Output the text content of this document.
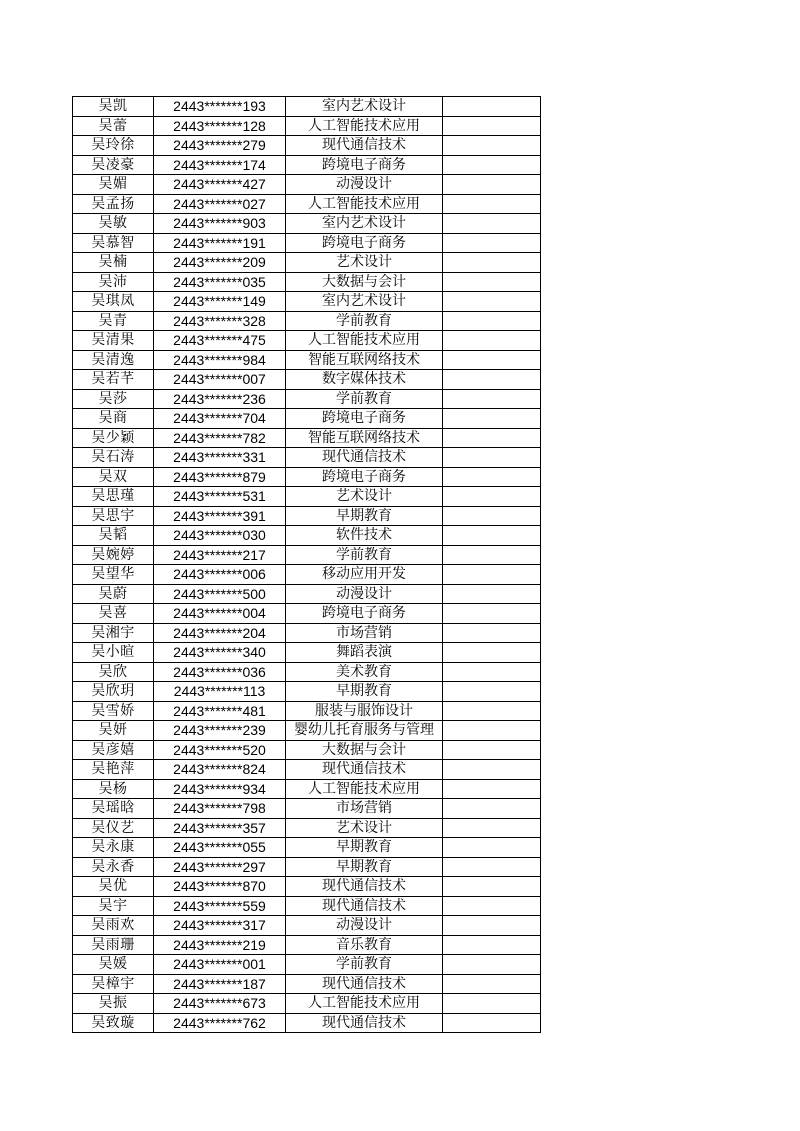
吴凯	2443*******193	室内艺术设计	
吴蕾	2443*******128	人工智能技术应用	
吴玲徐	2443*******279	现代通信技术	
吴凌豪	2443*******174	跨境电子商务	
吴媚	2443*******427	动漫设计	
吴孟扬	2443*******027	人工智能技术应用	
吴敏	2443*******903	室内艺术设计	
吴慕智	2443*******191	跨境电子商务	
吴楠	2443*******209	艺术设计	
吴沛	2443*******035	大数据与会计	
吴琪凤	2443*******149	室内艺术设计	
吴青	2443*******328	学前教育	
吴清果	2443*******475	人工智能技术应用	
吴清逸	2443*******984	智能互联网络技术	
吴若芊	2443*******007	数字媒体技术	
吴莎	2443*******236	学前教育	
吴商	2443*******704	跨境电子商务	
吴少颖	2443*******782	智能互联网络技术	
吴石涛	2443*******331	现代通信技术	
吴双	2443*******879	跨境电子商务	
吴思瑾	2443*******531	艺术设计	
吴思宇	2443*******391	早期教育	
吴韬	2443*******030	软件技术	
吴婉婷	2443*******217	学前教育	
吴望华	2443*******006	移动应用开发	
吴蔚	2443*******500	动漫设计	
吴喜	2443*******004	跨境电子商务	
吴湘宇	2443*******204	市场营销	
吴小暄	2443*******340	舞蹈表演	
吴欣	2443*******036	美术教育	
吴欣玥	2443*******113	早期教育	
吴雪娇	2443*******481	服装与服饰设计	
吴妍	2443*******239	婴幼儿托育服务与管理	
吴彦嬉	2443*******520	大数据与会计	
吴艳萍	2443*******824	现代通信技术	
吴杨	2443*******934	人工智能技术应用	
吴瑶晗	2443*******798	市场营销	
吴仪艺	2443*******357	艺术设计	
吴永康	2443*******055	早期教育	
吴永香	2443*******297	早期教育	
吴优	2443*******870	现代通信技术	
吴宇	2443*******559	现代通信技术	
吴雨欢	2443*******317	动漫设计	
吴雨珊	2443*******219	音乐教育	
吴媛	2443*******001	学前教育	
吴樟宇	2443*******187	现代通信技术	
吴振	2443*******673	人工智能技术应用	
吴致璇	2443*******762	现代通信技术	
